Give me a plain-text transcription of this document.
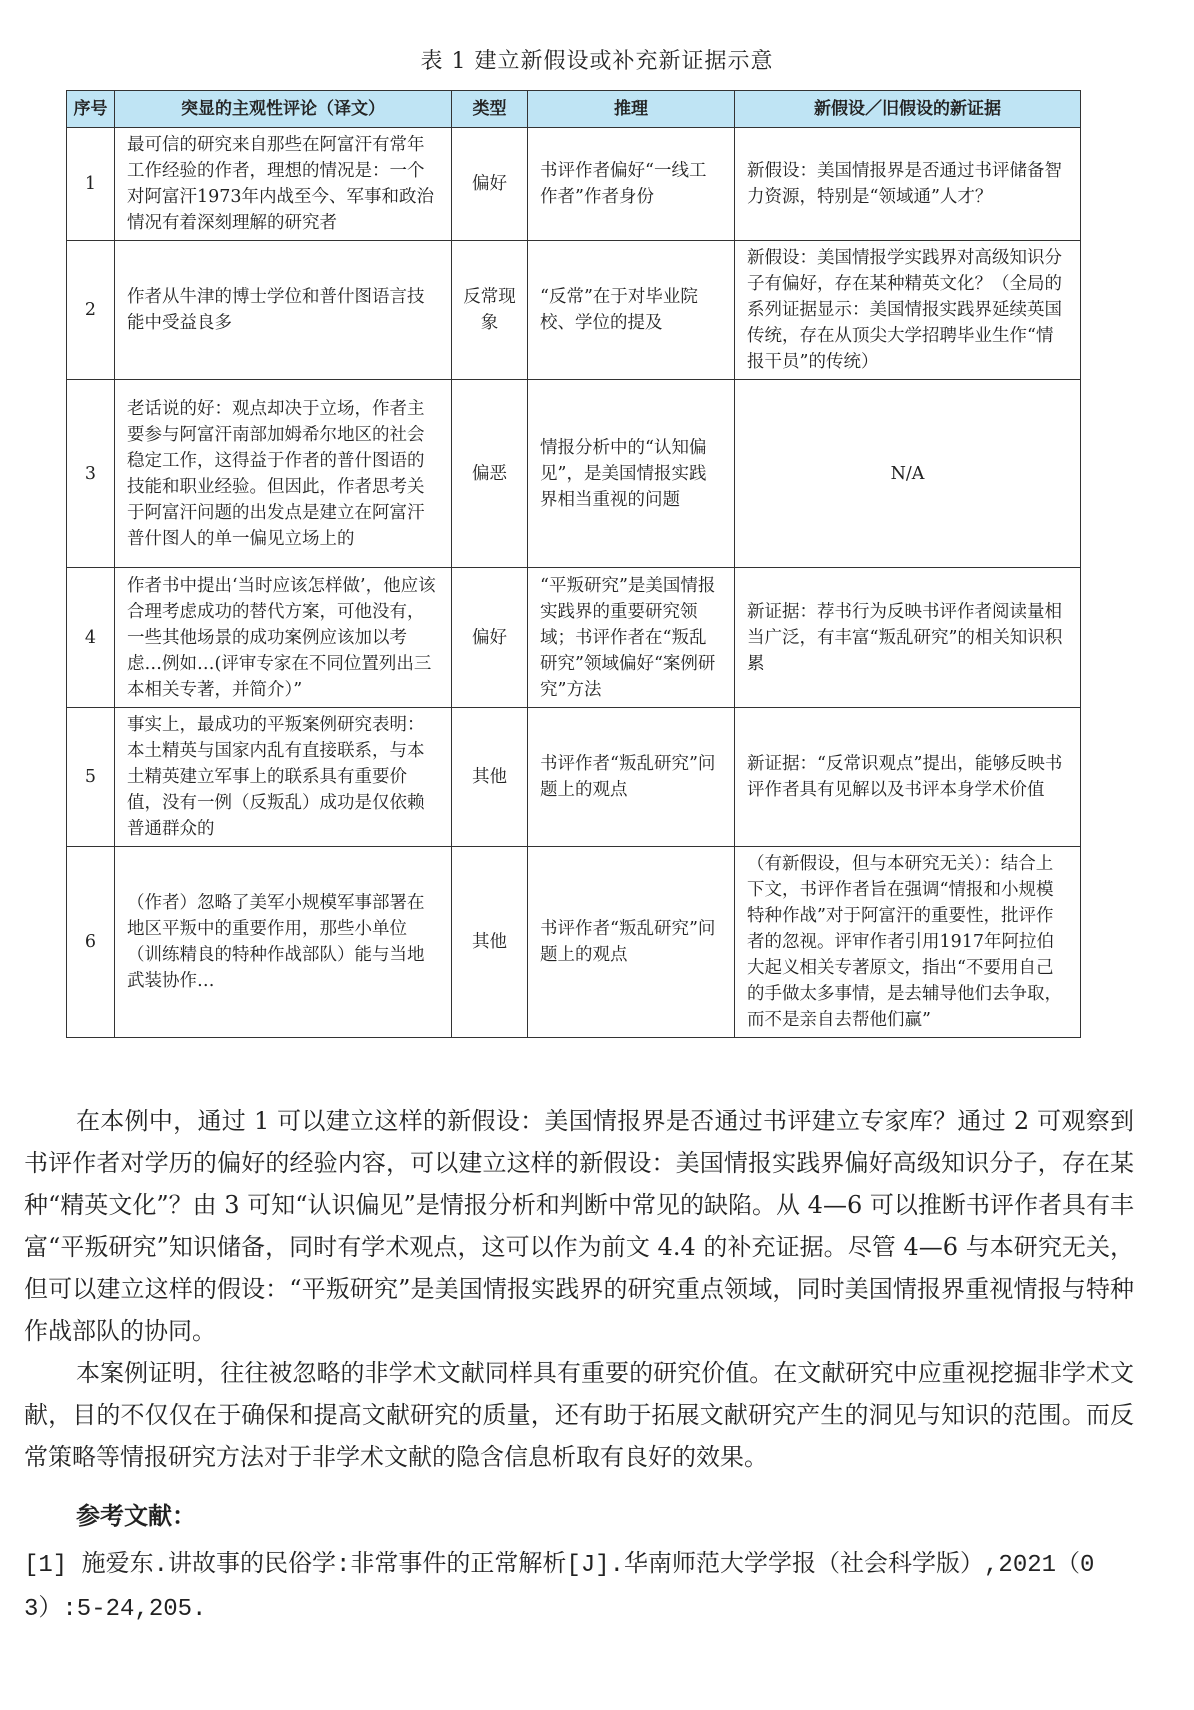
表 1 建立新假设或补充新证据示意
序号	突显的主观性评论（译文）	类型	推理	新假设／旧假设的新证据
1	最可信的研究来自那些在阿富汗有常年工作经验的作者，理想的情况是：一个对阿富汗1973年内战至今、军事和政治情况有着深刻理解的研究者	偏好	书评作者偏好“一线工作者”作者身份	新假设：美国情报界是否通过书评储备智力资源，特别是“领域通”人才？
2	作者从牛津的博士学位和普什图语言技能中受益良多	反常现象	“反常”在于对毕业院校、学位的提及	新假设：美国情报学实践界对高级知识分子有偏好，存在某种精英文化？（全局的系列证据显示：美国情报实践界延续英国传统，存在从顶尖大学招聘毕业生作“情报干员”的传统）
3	老话说的好：观点却决于立场，作者主要参与阿富汗南部加姆希尔地区的社会稳定工作，这得益于作者的普什图语的技能和职业经验。但因此，作者思考关于阿富汗问题的出发点是建立在阿富汗普什图人的单一偏见立场上的	偏恶	情报分析中的“认知偏见”，是美国情报实践界相当重视的问题	N/A
4	作者书中提出‘当时应该怎样做’，他应该合理考虑成功的替代方案，可他没有，一些其他场景的成功案例应该加以考虑…例如…(评审专家在不同位置列出三本相关专著，并简介）”	偏好	“平叛研究”是美国情报实践界的重要研究领域；书评作者在“叛乱研究”领域偏好“案例研究”方法	新证据：荐书行为反映书评作者阅读量相当广泛，有丰富“叛乱研究”的相关知识积累
5	事实上，最成功的平叛案例研究表明：本土精英与国家内乱有直接联系，与本土精英建立军事上的联系具有重要价值，没有一例（反叛乱）成功是仅依赖普通群众的	其他	书评作者“叛乱研究”问题上的观点	新证据：“反常识观点”提出，能够反映书评作者具有见解以及书评本身学术价值
6	（作者）忽略了美军小规模军事部署在地区平叛中的重要作用，那些小单位（训练精良的特种作战部队）能与当地武装协作…	其他	书评作者“叛乱研究”问题上的观点	（有新假设，但与本研究无关）：结合上下文，书评作者旨在强调“情报和小规模特种作战”对于阿富汗的重要性，批评作者的忽视。评审作者引用1917年阿拉伯大起义相关专著原文，指出“不要用自己的手做太多事情，是去辅导他们去争取，而不是亲自去帮他们赢”

在本例中，通过 1 可以建立这样的新假设：美国情报界是否通过书评建立专家库？通过 2 可观察到书评作者对学历的偏好的经验内容，可以建立这样的新假设：美国情报实践界偏好高级知识分子，存在某种“精英文化”？由 3 可知“认识偏见”是情报分析和判断中常见的缺陷。从 4—6 可以推断书评作者具有丰富“平叛研究”知识储备，同时有学术观点，这可以作为前文 4.4 的补充证据。尽管 4—6 与本研究无关，但可以建立这样的假设：“平叛研究”是美国情报实践界的研究重点领域，同时美国情报界重视情报与特种作战部队的协同。

本案例证明，往往被忽略的非学术文献同样具有重要的研究价值。在文献研究中应重视挖掘非学术文献，目的不仅仅在于确保和提高文献研究的质量，还有助于拓展文献研究产生的洞见与知识的范围。而反常策略等情报研究方法对于非学术文献的隐含信息析取有良好的效果。

参考文献：
[1] 施爱东.讲故事的民俗学:非常事件的正常解析[J].华南师范大学学报（社会科学版）,2021（03）:5-24,205.
